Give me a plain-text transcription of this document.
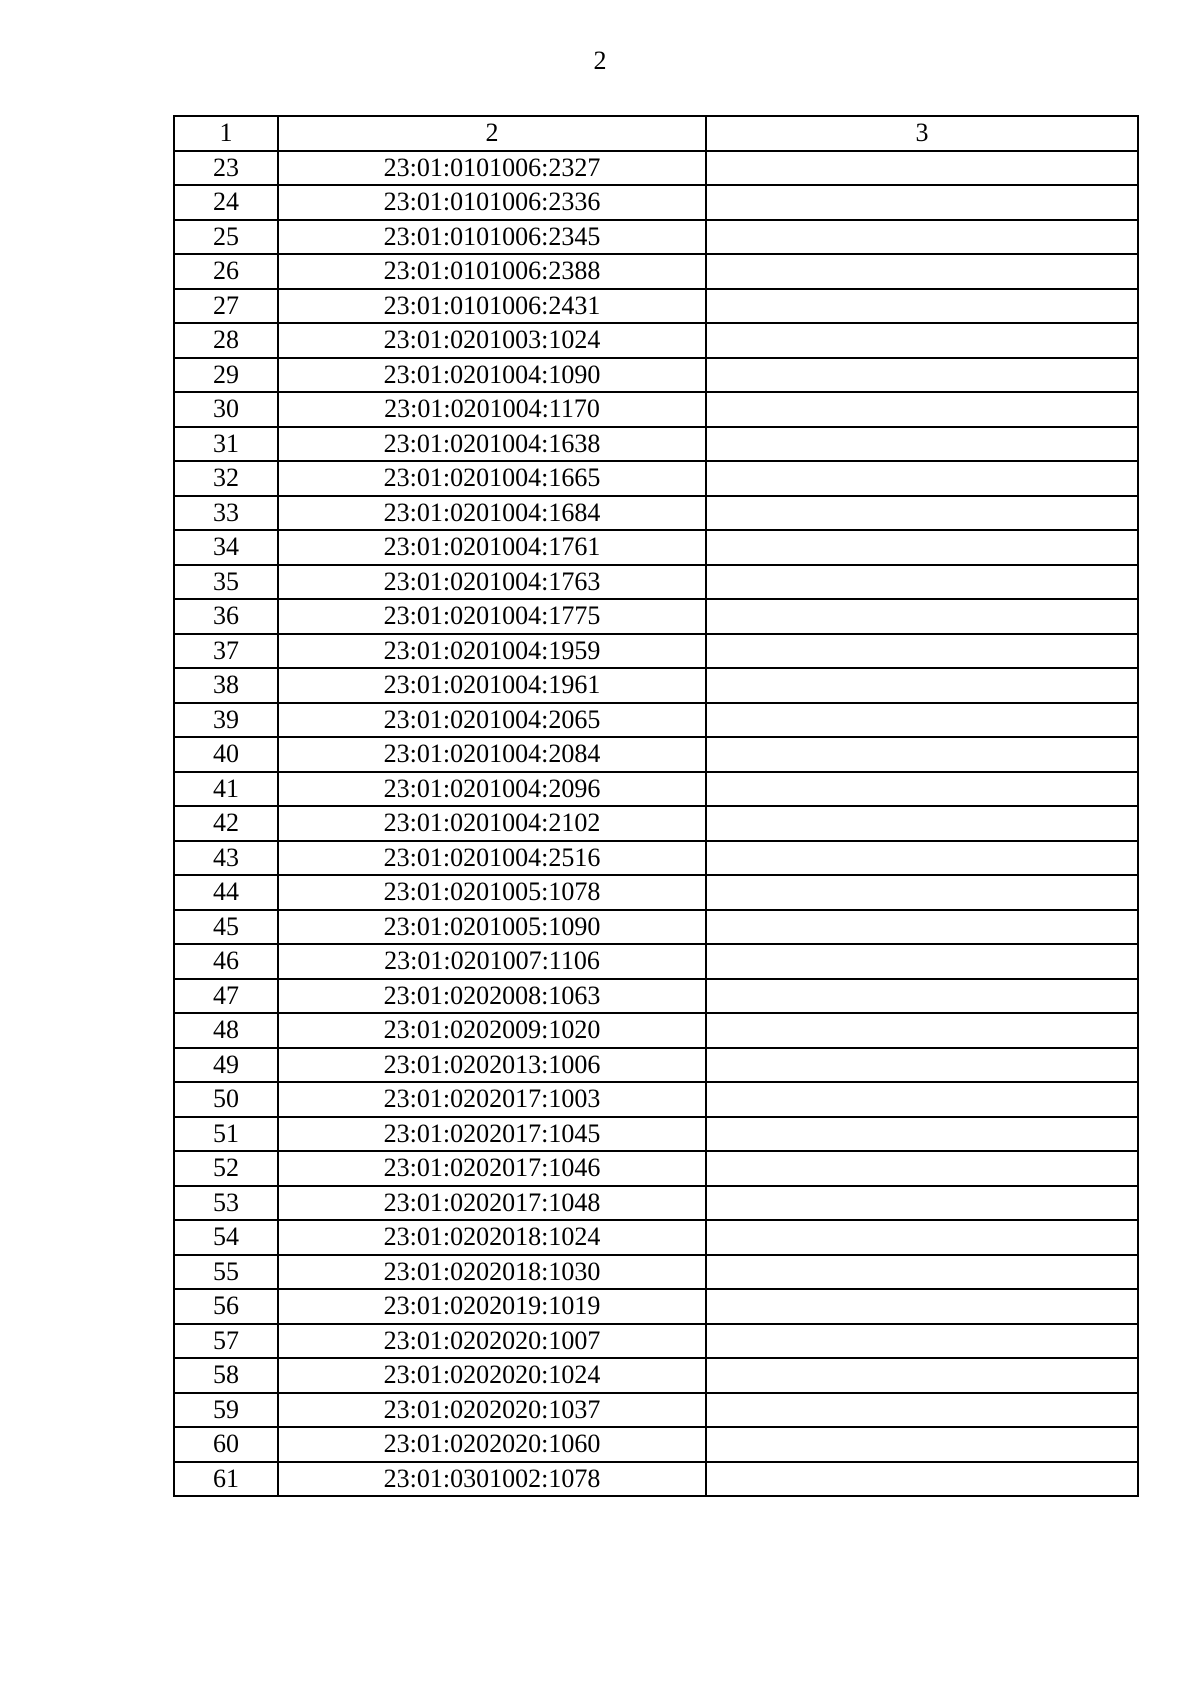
2
1	2	3
23	23:01:0101006:2327	
24	23:01:0101006:2336	
25	23:01:0101006:2345	
26	23:01:0101006:2388	
27	23:01:0101006:2431	
28	23:01:0201003:1024	
29	23:01:0201004:1090	
30	23:01:0201004:1170	
31	23:01:0201004:1638	
32	23:01:0201004:1665	
33	23:01:0201004:1684	
34	23:01:0201004:1761	
35	23:01:0201004:1763	
36	23:01:0201004:1775	
37	23:01:0201004:1959	
38	23:01:0201004:1961	
39	23:01:0201004:2065	
40	23:01:0201004:2084	
41	23:01:0201004:2096	
42	23:01:0201004:2102	
43	23:01:0201004:2516	
44	23:01:0201005:1078	
45	23:01:0201005:1090	
46	23:01:0201007:1106	
47	23:01:0202008:1063	
48	23:01:0202009:1020	
49	23:01:0202013:1006	
50	23:01:0202017:1003	
51	23:01:0202017:1045	
52	23:01:0202017:1046	
53	23:01:0202017:1048	
54	23:01:0202018:1024	
55	23:01:0202018:1030	
56	23:01:0202019:1019	
57	23:01:0202020:1007	
58	23:01:0202020:1024	
59	23:01:0202020:1037	
60	23:01:0202020:1060	
61	23:01:0301002:1078	
